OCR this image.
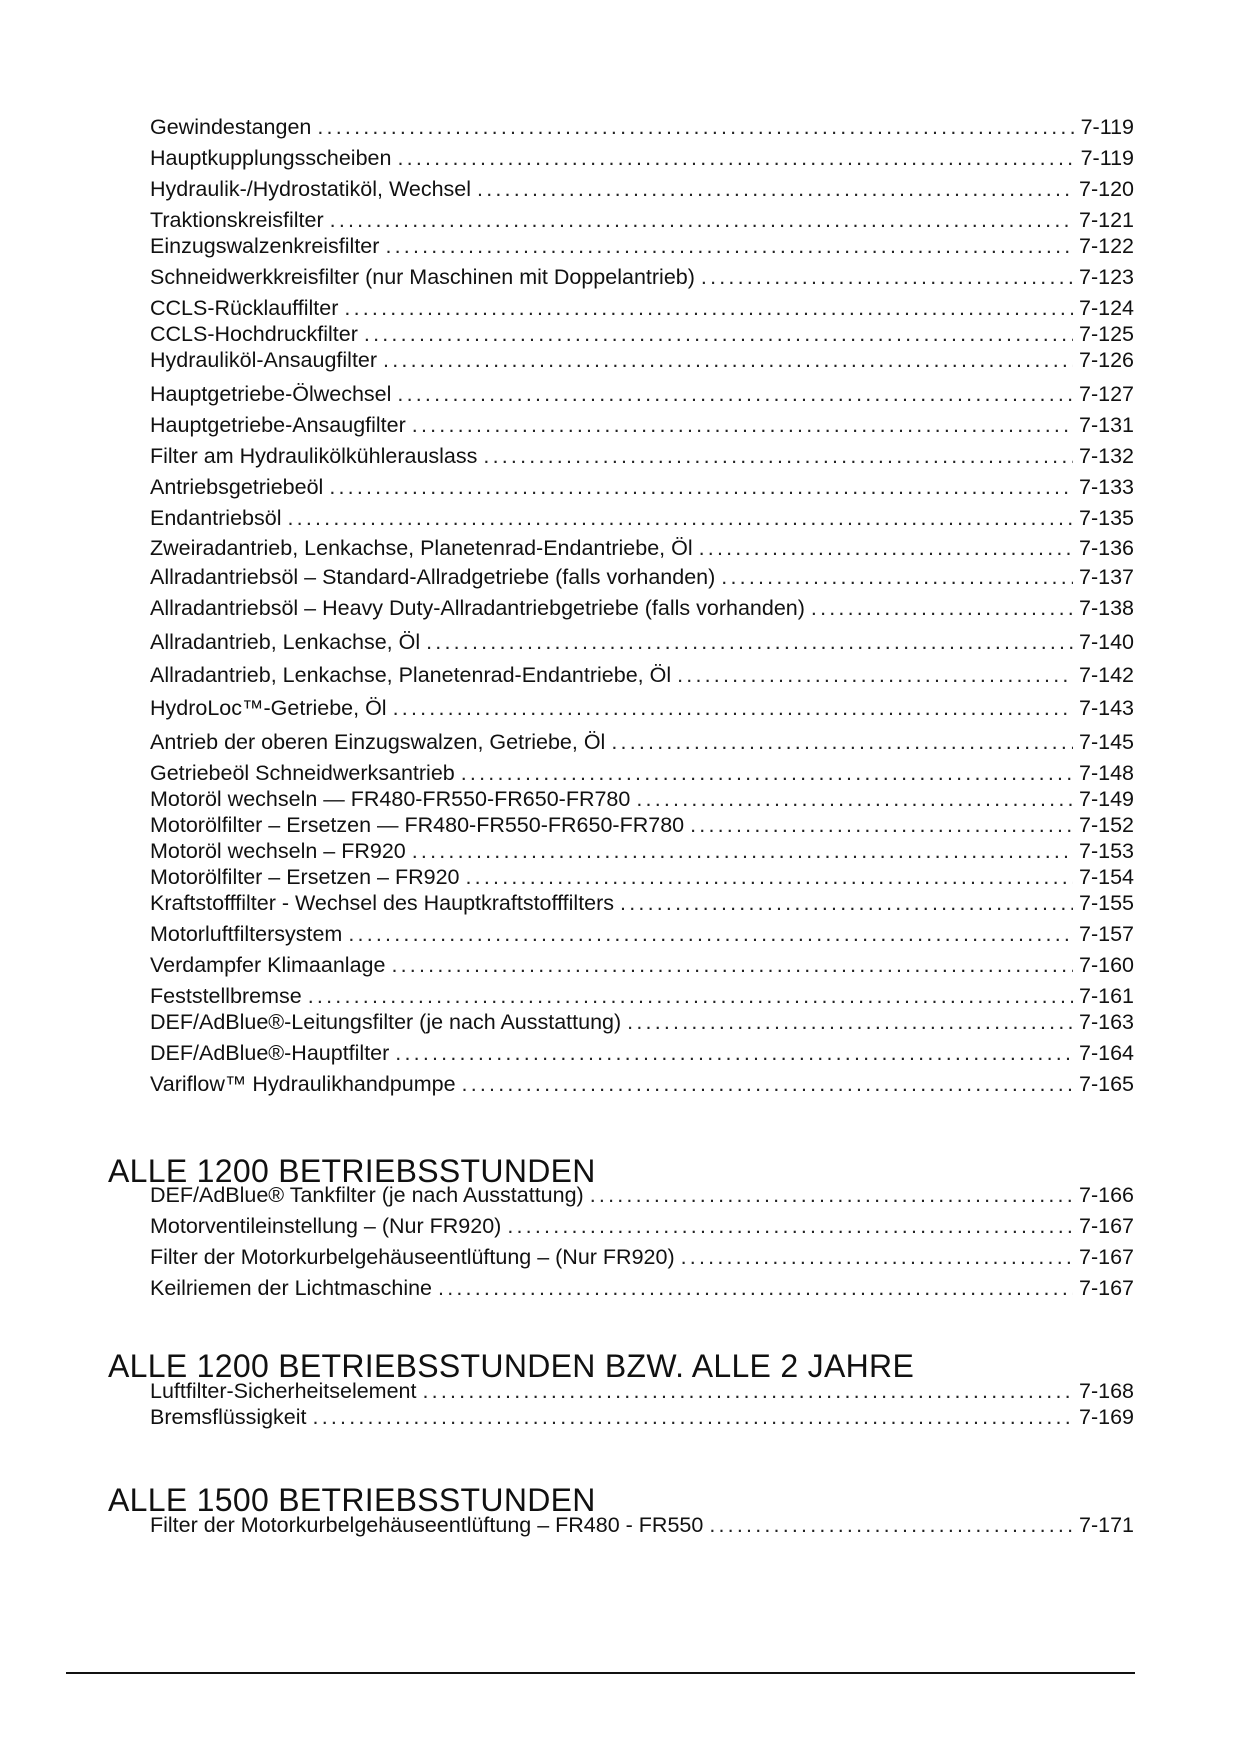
Gewindestangen .....	7-119
Hauptkupplungsscheiben .....	7-119
Hydraulik-/Hydrostatiköl, Wechsel .....	7-120
Traktionskreisfilter .....	7-121
Einzugswalzenkreisfilter .....	7-122
Schneidwerkkreisfilter (nur Maschinen mit Doppelantrieb) .....	7-123
CCLS-Rücklauffilter .....	7-124
CCLS-Hochdruckfilter .....	7-125
Hydrauliköl-Ansaugfilter .....	7-126
Hauptgetriebe-Ölwechsel .....	7-127
Hauptgetriebe-Ansaugfilter .....	7-131
Filter am Hydraulikölkühlerauslass .....	7-132
Antriebsgetriebeöl .....	7-133
Endantriebsöl .....	7-135
Zweiradantrieb, Lenkachse, Planetenrad-Endantriebe, Öl .....	7-136
Allradantriebsöl – Standard-Allradgetriebe (falls vorhanden) .....	7-137
Allradantriebsöl – Heavy Duty-Allradantriebgetriebe (falls vorhanden) .....	7-138
Allradantrieb, Lenkachse, Öl .....	7-140
Allradantrieb, Lenkachse, Planetenrad-Endantriebe, Öl .....	7-142
HydroLoc™-Getriebe, Öl .....	7-143
Antrieb der oberen Einzugswalzen, Getriebe, Öl .....	7-145
Getriebeöl Schneidwerksantrieb .....	7-148
Motoröl wechseln — FR480-FR550-FR650-FR780 .....	7-149
Motorölfilter – Ersetzen — FR480-FR550-FR650-FR780 .....	7-152
Motoröl wechseln – FR920 .....	7-153
Motorölfilter – Ersetzen – FR920 .....	7-154
Kraftstofffilter - Wechsel des Hauptkraftstofffilters .....	7-155
Motorluftfiltersystem .....	7-157
Verdampfer Klimaanlage .....	7-160
Feststellbremse .....	7-161
DEF/AdBlue®-Leitungsfilter (je nach Ausstattung) .....	7-163
DEF/AdBlue®-Hauptfilter .....	7-164
Variflow™ Hydraulikhandpumpe .....	7-165
ALLE 1200 BETRIEBSSTUNDEN
DEF/AdBlue® Tankfilter (je nach Ausstattung) .....	7-166
Motorventileinstellung – (Nur FR920) .....	7-167
Filter der Motorkurbelgehäuseentlüftung – (Nur FR920) .....	7-167
Keilriemen der Lichtmaschine .....	7-167
ALLE 1200 BETRIEBSSTUNDEN BZW. ALLE 2 JAHRE
Luftfilter-Sicherheitselement .....	7-168
Bremsflüssigkeit .....	7-169
ALLE 1500 BETRIEBSSTUNDEN
Filter der Motorkurbelgehäuseentlüftung – FR480 - FR550 .....	7-171
